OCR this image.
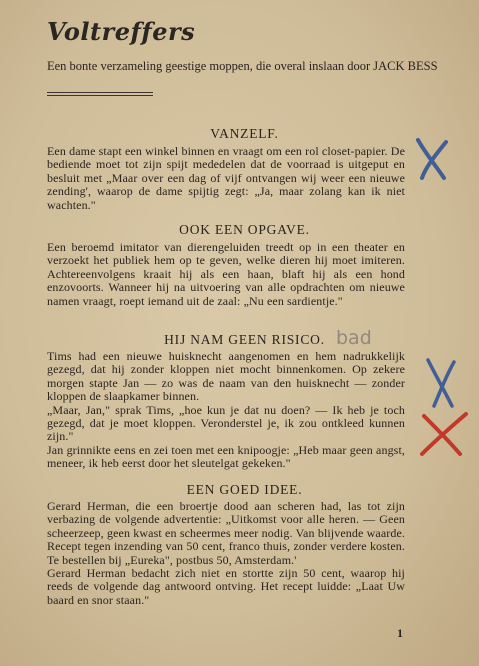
Voltreffers

Een bonte verzameling geestige moppen, die overal inslaan door JACK BESS

VANZELF.

Een dame stapt een winkel binnen en vraagt om een rol closet-papier. De bediende moet tot zijn spijt mededelen dat de voorraad is uitgeput en besluit met „Maar over een dag of vijf ontvangen wij weer een nieuwe zending', waarop de dame spijtig zegt: „Ja, maar zolang kan ik niet wachten."

OOK EEN OPGAVE.

Een beroemd imitator van dierengeluiden treedt op in een theater en verzoekt het publiek hem op te geven, welke dieren hij moet imiteren. Achtereenvolgens kraait hij als een haan, blaft hij als een hond enzovoorts. Wanneer hij na uitvoering van alle opdrachten om nieuwe namen vraagt, roept iemand uit de zaal: „Nu een sardientje."

HIJ NAM GEEN RISICO.

Tims had een nieuwe huisknecht aangenomen en hem nadrukkelijk gezegd, dat hij zonder kloppen niet mocht binnenkomen. Op zekere morgen stapte Jan — zo was de naam van den huisknecht — zonder kloppen de slaapkamer binnen.
„Maar, Jan," sprak Tims, „hoe kun je dat nu doen? — Ik heb je toch gezegd, dat je moet kloppen. Veronderstel je, ik zou ontkleed kunnen zijn."
Jan grinnikte eens en zei toen met een knipoogje: „Heb maar geen angst, meneer, ik heb eerst door het sleutelgat gekeken."

EEN GOED IDEE.

Gerard Herman, die een broertje dood aan scheren had, las tot zijn verbazing de volgende advertentie: „Uitkomst voor alle heren. — Geen scheerzeep, geen kwast en scheermes meer nodig. Van blijvende waarde. Recept tegen inzending van 50 cent, franco thuis, zonder verdere kosten. Te bestellen bij „Eureka", postbus 50, Amsterdam.'
Gerard Herman bedacht zich niet en stortte zijn 50 cent, waarop hij reeds de volgende dag antwoord ontving. Het recept luidde: „Laat Uw baard en snor staan."

1

bad
